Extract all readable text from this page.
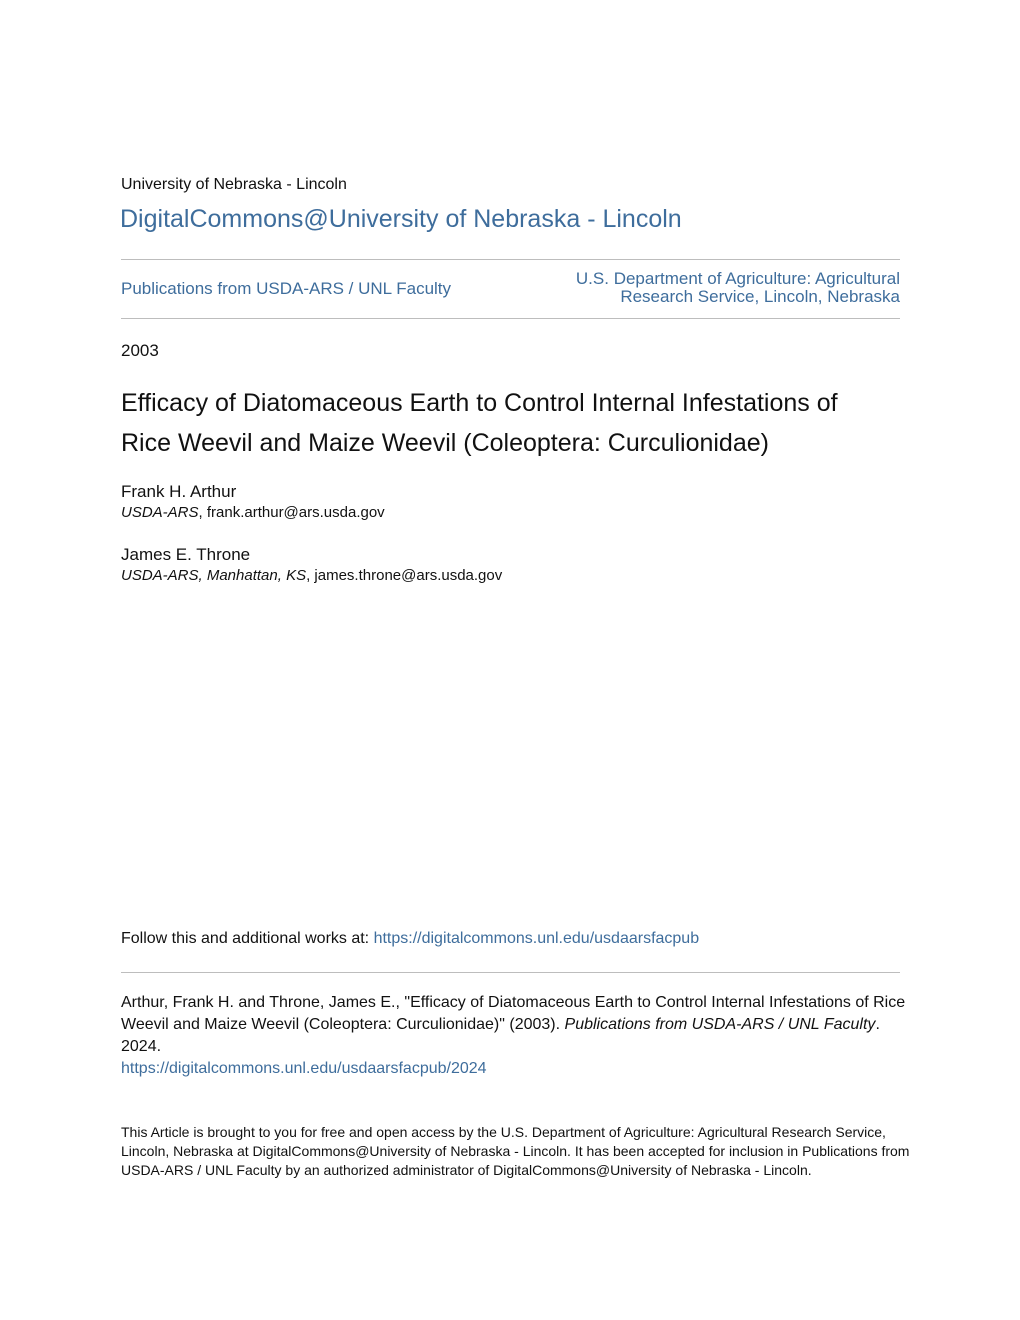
University of Nebraska - Lincoln
DigitalCommons@University of Nebraska - Lincoln
Publications from USDA-ARS / UNL Faculty
U.S. Department of Agriculture: Agricultural
Research Service, Lincoln, Nebraska
2003
Efficacy of Diatomaceous Earth to Control Internal Infestations of
Rice Weevil and Maize Weevil (Coleoptera: Curculionidae)
Frank H. Arthur
USDA-ARS, frank.arthur@ars.usda.gov
James E. Throne
USDA-ARS, Manhattan, KS, james.throne@ars.usda.gov
Follow this and additional works at: https://digitalcommons.unl.edu/usdaarsfacpub
Arthur, Frank H. and Throne, James E., "Efficacy of Diatomaceous Earth to Control Internal Infestations of Rice Weevil and Maize Weevil (Coleoptera: Curculionidae)" (2003). Publications from USDA-ARS / UNL Faculty. 2024.
https://digitalcommons.unl.edu/usdaarsfacpub/2024
This Article is brought to you for free and open access by the U.S. Department of Agriculture: Agricultural Research Service, Lincoln, Nebraska at DigitalCommons@University of Nebraska - Lincoln. It has been accepted for inclusion in Publications from USDA-ARS / UNL Faculty by an authorized administrator of DigitalCommons@University of Nebraska - Lincoln.
